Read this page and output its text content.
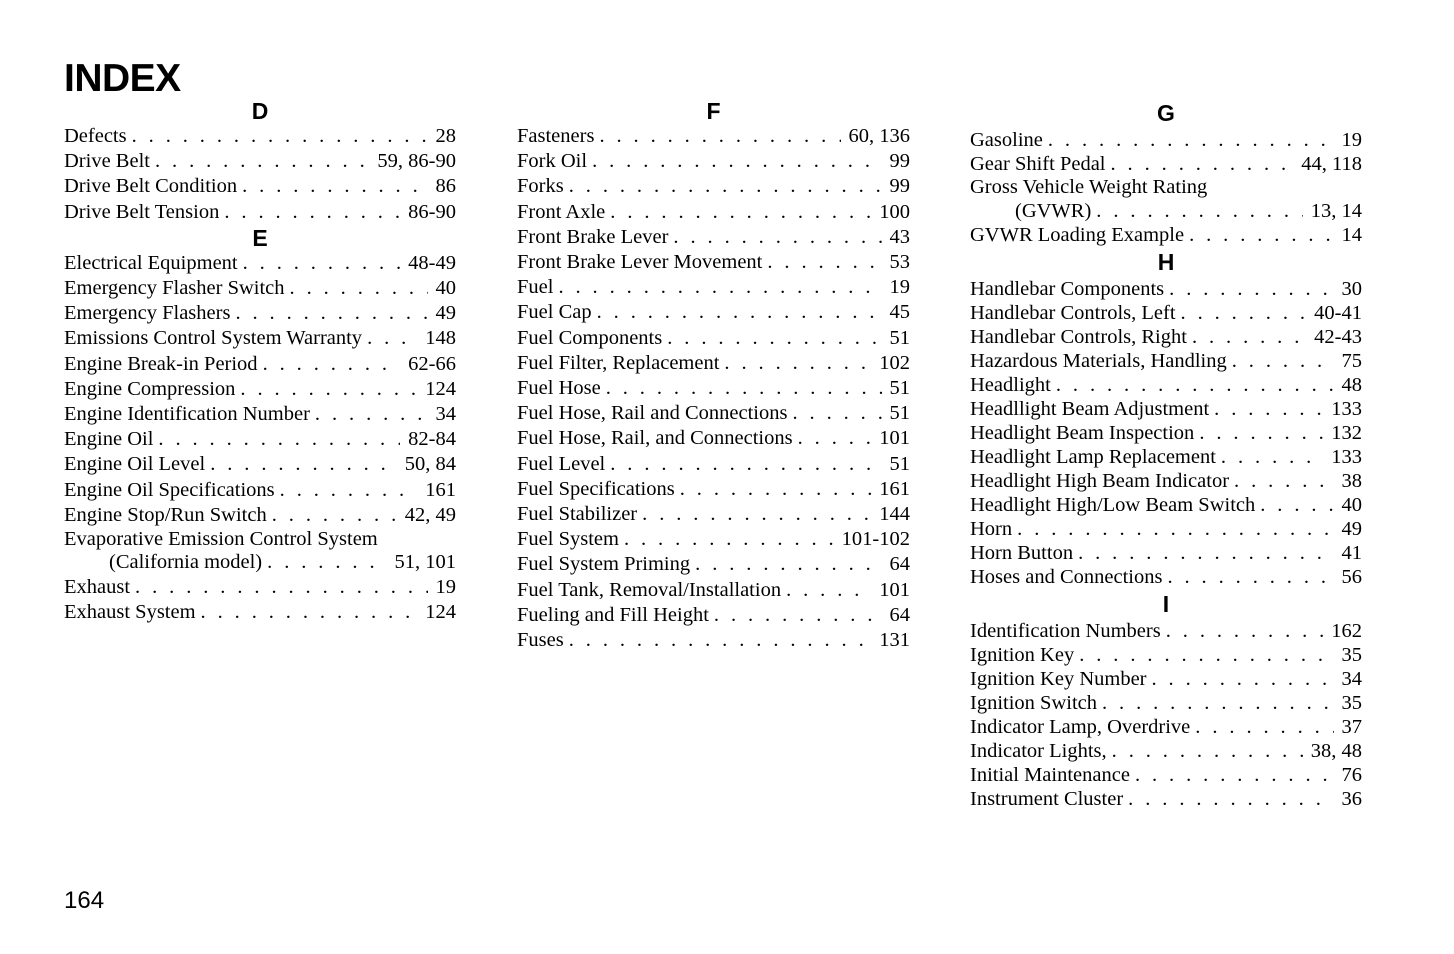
INDEX
D
Defects . . .	28
Drive Belt . . .	59, 86-90
Drive Belt Condition . . .	86
Drive Belt Tension . . .	86-90
E
Electrical Equipment . . .	48-49
Emergency Flasher Switch . . .	40
Emergency Flashers . . .	49
Emissions Control System Warranty . . .	148
Engine Break-in Period . . .	62-66
Engine Compression . . .	124
Engine Identification Number . . .	34
Engine Oil . . .	82-84
Engine Oil Level . . .	50, 84
Engine Oil Specifications . . .	161
Engine Stop/Run Switch . . .	42, 49
Evaporative Emission Control System
(California model) . . .	51, 101
Exhaust . . .	19
Exhaust System . . .	124
F
Fasteners . . .	60, 136
Fork Oil . . .	99
Forks . . .	99
Front Axle . . .	100
Front Brake Lever . . .	43
Front Brake Lever Movement . . .	53
Fuel . . .	19
Fuel Cap . . .	45
Fuel Components . . .	51
Fuel Filter, Replacement . . .	102
Fuel Hose . . .	51
Fuel Hose, Rail and Connections . . .	51
Fuel Hose, Rail, and Connections . . .	101
Fuel Level . . .	51
Fuel Specifications . . .	161
Fuel Stabilizer . . .	144
Fuel System . . .	101-102
Fuel System Priming . . .	64
Fuel Tank, Removal/Installation . . .	101
Fueling and Fill Height . . .	64
Fuses . . .	131
G
Gasoline . . .	19
Gear Shift Pedal . . .	44, 118
Gross Vehicle Weight Rating
(GVWR) . . .	13, 14
GVWR Loading Example . . .	14
H
Handlebar Components . . .	30
Handlebar Controls, Left . . .	40-41
Handlebar Controls, Right . . .	42-43
Hazardous Materials, Handling . . .	75
Headlight . . .	48
Headllight Beam Adjustment . . .	133
Headlight Beam Inspection . . .	132
Headlight Lamp Replacement . . .	133
Headlight High Beam Indicator . . .	38
Headlight High/Low Beam Switch . . .	40
Horn . . .	49
Horn Button . . .	41
Hoses and Connections . . .	56
I
Identification Numbers . . .	162
Ignition Key . . .	35
Ignition Key Number . . .	34
Ignition Switch . . .	35
Indicator Lamp, Overdrive . . .	37
Indicator Lights, . . .	38, 48
Initial Maintenance . . .	76
Instrument Cluster . . .	36
164
